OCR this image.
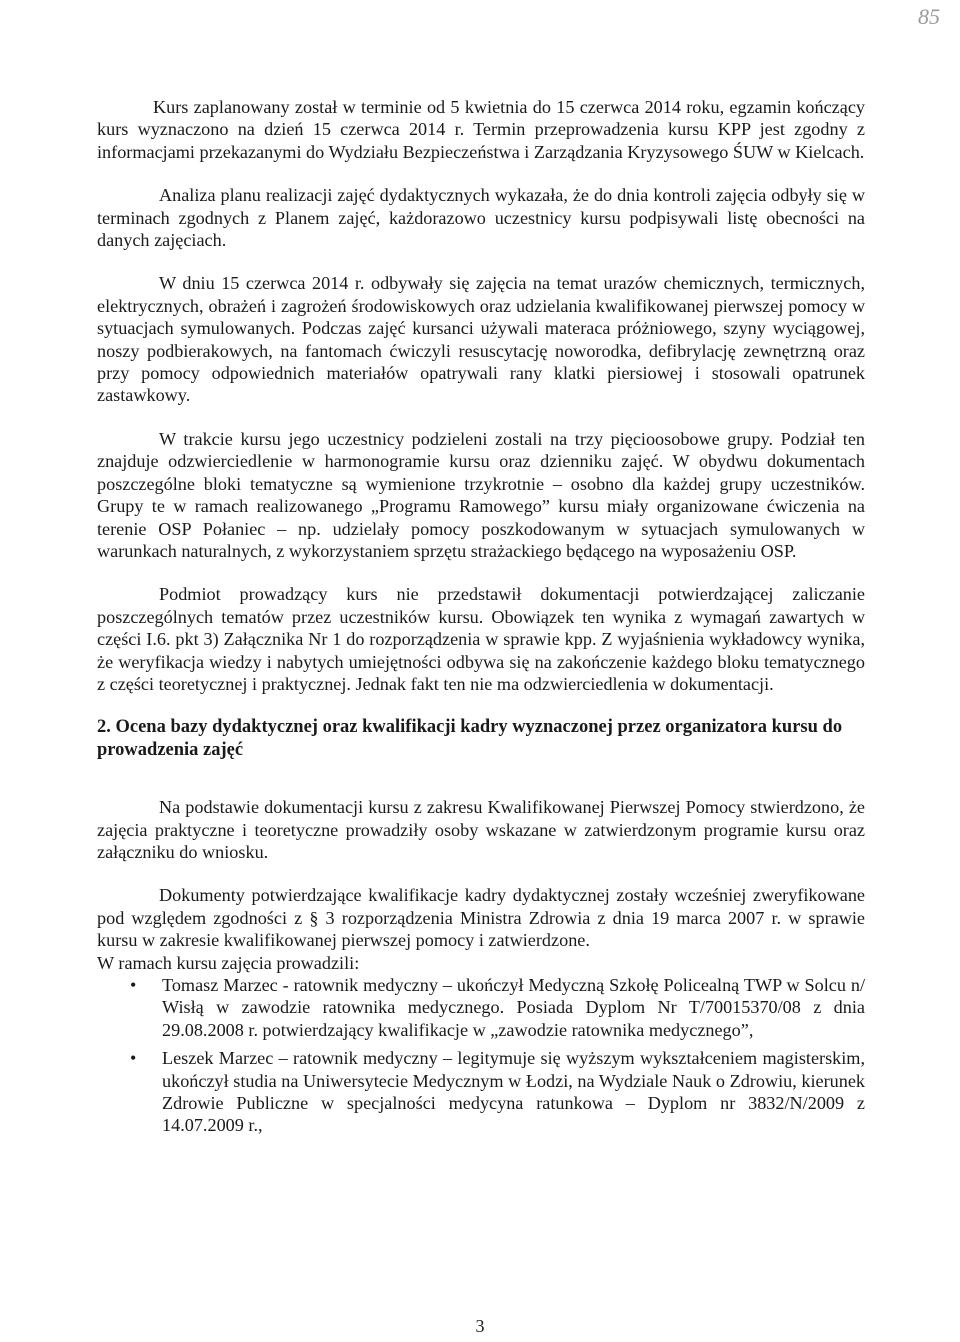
85

Kurs zaplanowany został w terminie od 5 kwietnia do 15 czerwca 2014 roku, egzamin kończący kurs wyznaczono na dzień 15 czerwca 2014 r. Termin przeprowadzenia kursu KPP jest zgodny z informacjami przekazanymi do Wydziału Bezpieczeństwa i Zarządzania Kryzysowego ŚUW w Kielcach.

Analiza planu realizacji zajęć dydaktycznych wykazała, że do dnia kontroli zajęcia odbyły się w terminach zgodnych z Planem zajęć, każdorazowo uczestnicy kursu podpisywali listę obecności na danych zajęciach.

W dniu 15 czerwca 2014 r. odbywały się zajęcia na temat urazów chemicznych, termicznych, elektrycznych, obrażeń i zagrożeń środowiskowych oraz udzielania kwalifikowanej pierwszej pomocy w sytuacjach symulowanych. Podczas zajęć kursanci używali materaca próżniowego, szyny wyciągowej, noszy podbierakowych, na fantomach ćwiczyli resuscytację noworodka, defibrylację zewnętrzną oraz przy pomocy odpowiednich materiałów opatrywali rany klatki piersiowej i stosowali opatrunek zastawkowy.

W trakcie kursu jego uczestnicy podzieleni zostali na trzy pięcioosobowe grupy. Podział ten znajduje odzwierciedlenie w harmonogramie kursu oraz dzienniku zajęć. W obydwu dokumentach poszczególne bloki tematyczne są wymienione trzykrotnie – osobno dla każdej grupy uczestników. Grupy te w ramach realizowanego „Programu Ramowego” kursu miały organizowane ćwiczenia na terenie OSP Połaniec – np. udzielały pomocy poszkodowanym w sytuacjach symulowanych w warunkach naturalnych, z wykorzystaniem sprzętu strażackiego będącego na wyposażeniu OSP.

Podmiot prowadzący kurs nie przedstawił dokumentacji potwierdzającej zaliczanie poszczególnych tematów przez uczestników kursu. Obowiązek ten wynika z wymagań zawartych w części I.6. pkt 3) Załącznika Nr 1 do rozporządzenia w sprawie kpp. Z wyjaśnienia wykładowcy wynika, że weryfikacja wiedzy i nabytych umiejętności odbywa się na zakończenie każdego bloku tematycznego z części teoretycznej i praktycznej. Jednak fakt ten nie ma odzwierciedlenia w dokumentacji.

2. Ocena bazy dydaktycznej oraz kwalifikacji kadry wyznaczonej przez organizatora kursu do prowadzenia zajęć

Na podstawie dokumentacji kursu z zakresu Kwalifikowanej Pierwszej Pomocy stwierdzono, że zajęcia praktyczne i teoretyczne prowadziły osoby wskazane w zatwierdzonym programie kursu oraz załączniku do wniosku.

Dokumenty potwierdzające kwalifikacje kadry dydaktycznej zostały wcześniej zweryfikowane pod względem zgodności z § 3 rozporządzenia Ministra Zdrowia z dnia 19 marca 2007 r. w sprawie kursu w zakresie kwalifikowanej pierwszej pomocy i zatwierdzone.

W ramach kursu zajęcia prowadzili:

• Tomasz Marzec - ratownik medyczny – ukończył Medyczną Szkołę Policealną TWP w Solcu n/ Wisłą w zawodzie ratownika medycznego. Posiada Dyplom Nr T/70015370/08 z dnia 29.08.2008 r. potwierdzający kwalifikacje w „zawodzie ratownika medycznego”,
• Leszek Marzec – ratownik medyczny – legitymuje się wyższym wykształceniem magisterskim, ukończył studia na Uniwersytecie Medycznym w Łodzi, na Wydziale Nauk o Zdrowiu, kierunek Zdrowie Publiczne w specjalności medycyna ratunkowa – Dyplom nr 3832/N/2009 z 14.07.2009 r.,
3
